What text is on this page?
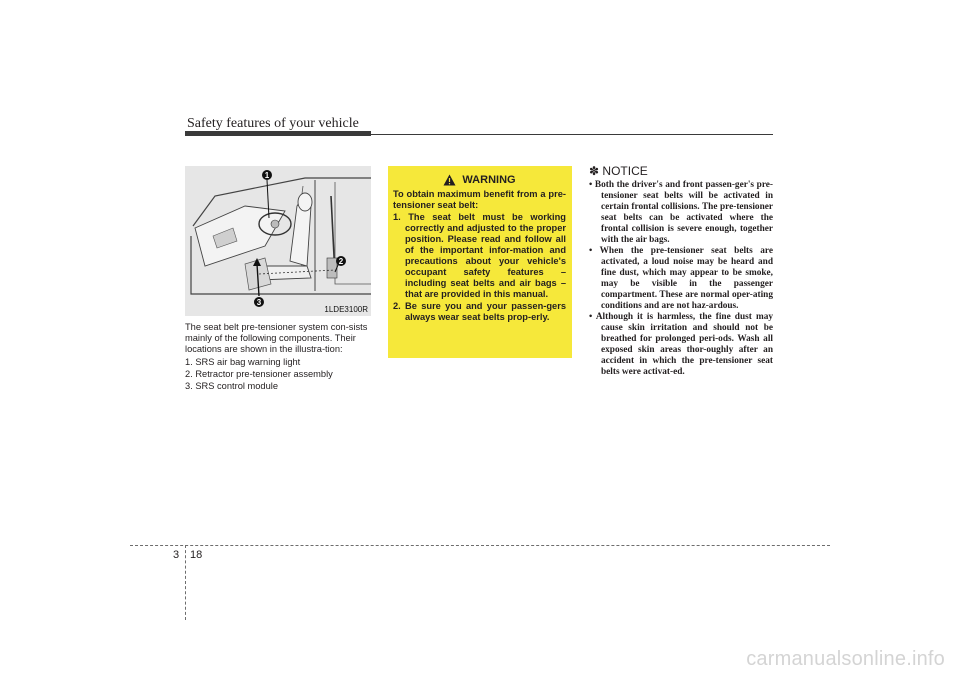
Safety features of your vehicle
1
2
3
1LDE3100R

The seat belt pre-tensioner system con-sists mainly of the following components. Their locations are shown in the illustra-tion:

1. SRS air bag warning light
2. Retractor pre-tensioner assembly
3. SRS control module
WARNING

To obtain maximum benefit from a pre-tensioner seat belt:

1. The seat belt must be working correctly and adjusted to the proper position. Please read and follow all of the important infor-mation and precautions about your vehicle's occupant safety features – including seat belts and air bags – that are provided in this manual.

2. Be sure you and your passen-gers always wear seat belts prop-erly.

✽ NOTICE

• Both the driver's and front passen-ger's pre-tensioner seat belts will be activated in certain frontal collisions. The pre-tensioner seat belts can be activated where the frontal collision is severe enough, together with the air bags.

• When the pre-tensioner seat belts are activated, a loud noise may be heard and fine dust, which may appear to be smoke, may be visible in the passenger compartment. These are normal oper-ating conditions and are not haz-ardous.

• Although it is harmless, the fine dust may cause skin irritation and should not be breathed for prolonged peri-ods. Wash all exposed skin areas thor-oughly after an accident in which the pre-tensioner seat belts were activat-ed.

3 18
carmanualsonline.info
